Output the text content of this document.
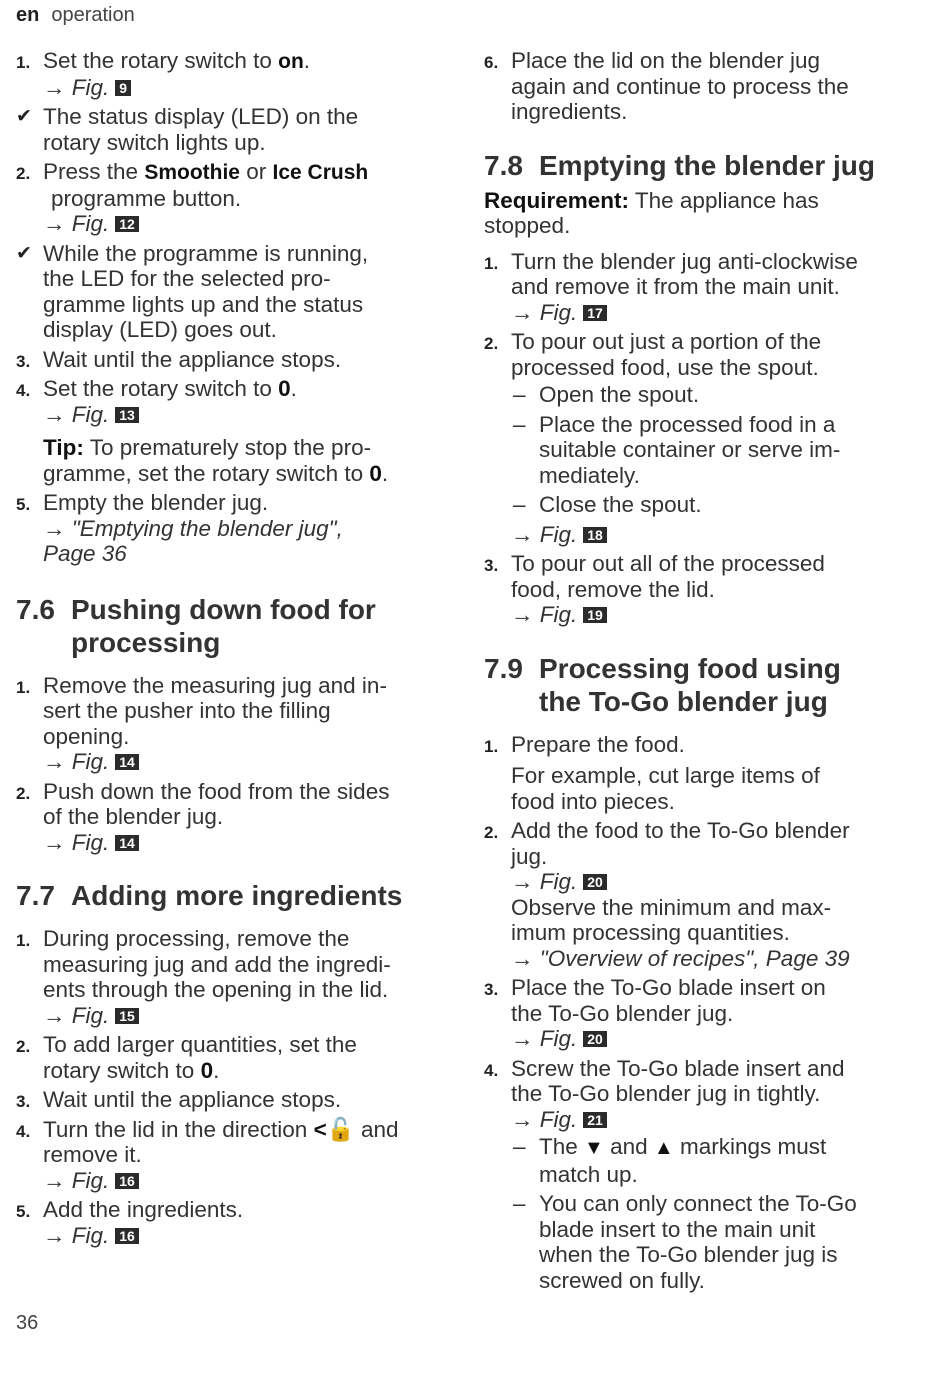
en operation
1. Set the rotary switch to on.
→ Fig. 9
✔ The status display (LED) on the
rotary switch lights up.
2. Press the Smoothie or Ice Crush
programme button.
→ Fig. 12
✔ While the programme is running,
the LED for the selected pro-
gramme lights up and the status
display (LED) goes out.
3. Wait until the appliance stops.
4. Set the rotary switch to 0.
→ Fig. 13
Tip: To prematurely stop the pro-
gramme, set the rotary switch to 0.
5. Empty the blender jug.
→ "Emptying the blender jug",
Page 36
7.6 Pushing down food for
processing
1. Remove the measuring jug and in-
sert the pusher into the filling
opening.
→ Fig. 14
2. Push down the food from the sides
of the blender jug.
→ Fig. 14
7.7 Adding more ingredients
1. During processing, remove the
measuring jug and add the ingredi-
ents through the opening in the lid.
→ Fig. 15
2. To add larger quantities, set the
rotary switch to 0.
3. Wait until the appliance stops.
4. Turn the lid in the direction <🔓 and
remove it.
→ Fig. 16
5. Add the ingredients.
→ Fig. 16
6. Place the lid on the blender jug
again and continue to process the
ingredients.
7.8 Emptying the blender jug
Requirement: The appliance has
stopped.
1. Turn the blender jug anti-clockwise
and remove it from the main unit.
→ Fig. 17
2. To pour out just a portion of the
processed food, use the spout.
– Open the spout.
– Place the processed food in a
suitable container or serve im-
mediately.
– Close the spout.
→ Fig. 18
3. To pour out all of the processed
food, remove the lid.
→ Fig. 19
7.9 Processing food using
the To-Go blender jug
1. Prepare the food.
For example, cut large items of
food into pieces.
2. Add the food to the To-Go blender
jug.
→ Fig. 20
Observe the minimum and max-
imum processing quantities.
→ "Overview of recipes", Page 39
3. Place the To-Go blade insert on
the To-Go blender jug.
→ Fig. 20
4. Screw the To-Go blade insert and
the To-Go blender jug in tightly.
→ Fig. 21
– The ▼ and ▲ markings must
match up.
– You can only connect the To-Go
blade insert to the main unit
when the To-Go blender jug is
screwed on fully.
36
